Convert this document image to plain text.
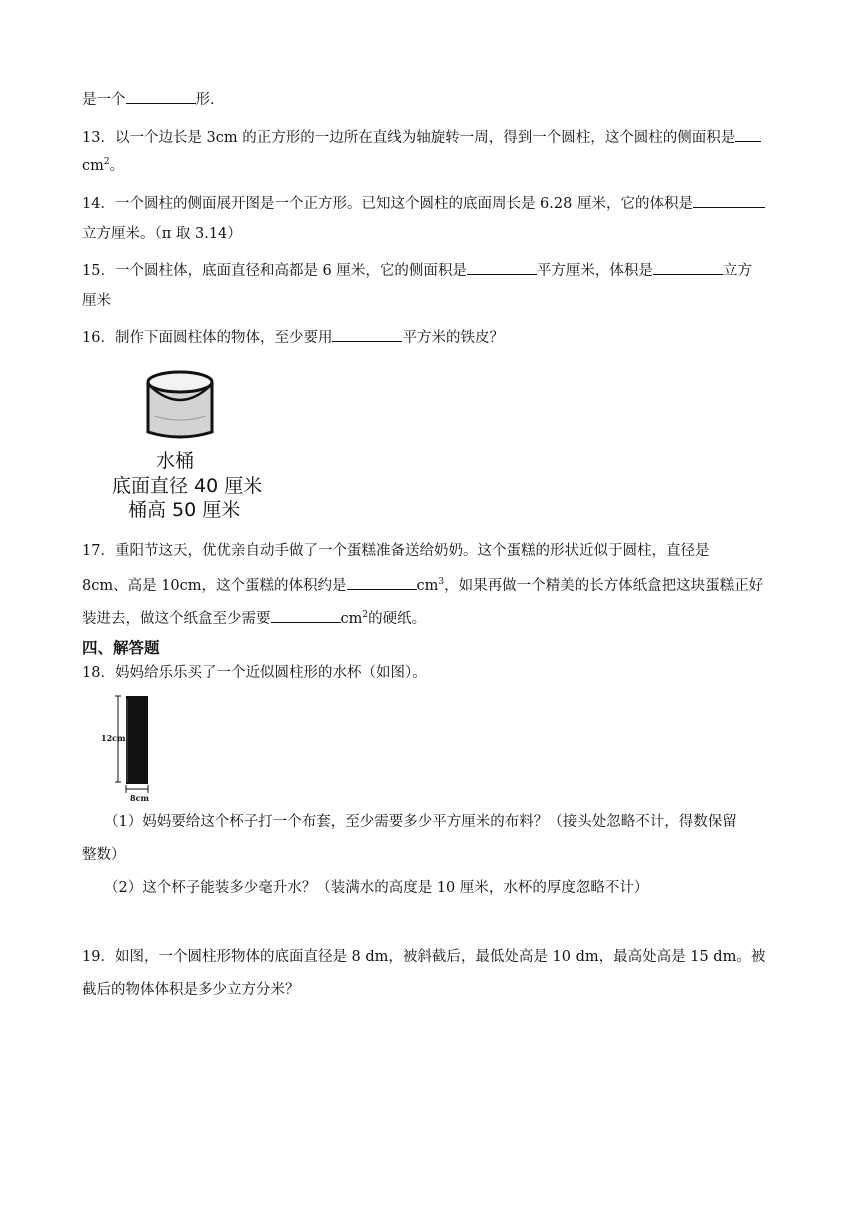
是一个	形．
13．以一个边长是 3cm 的正方形的一边所在直线为轴旋转一周，得到一个圆柱，这个圆柱的侧面积是
$cm^2$。
14．一个圆柱的侧面展开图是一个正方形。已知这个圆柱的底面周长是 6.28 厘米，它的体积是
立方厘米。（π 取 3.14）
15．一个圆柱体，底面直径和高都是 6 厘米，它的侧面积是	平方厘米，体积是	立方
厘米
16．制作下面圆柱体的物体，至少要用	平方米的铁皮？
水桶
底面直径 40 厘米
桶高 50 厘米
17．重阳节这天，优优亲自动手做了一个蛋糕准备送给奶奶。这个蛋糕的形状近似于圆柱，直径是
8cm、高是 10cm，这个蛋糕的体积约是	$cm^3$，如果再做一个精美的长方体纸盒把这块蛋糕正好
装进去，做这个纸盒至少需要	$cm^2$的硬纸。
四、解答题
18．妈妈给乐乐买了一个近似圆柱形的水杯（如图）。
12cm
8cm
（1）妈妈要给这个杯子打一个布套，至少需要多少平方厘米的布料？（接头处忽略不计，得数保留
整数）
（2）这个杯子能装多少毫升水？（装满水的高度是 10 厘米，水杯的厚度忽略不计）
19．如图，一个圆柱形物体的底面直径是 8 dm，被斜截后，最低处高是 10 dm，最高处高是 15 dm。被
截后的物体体积是多少立方分米？
